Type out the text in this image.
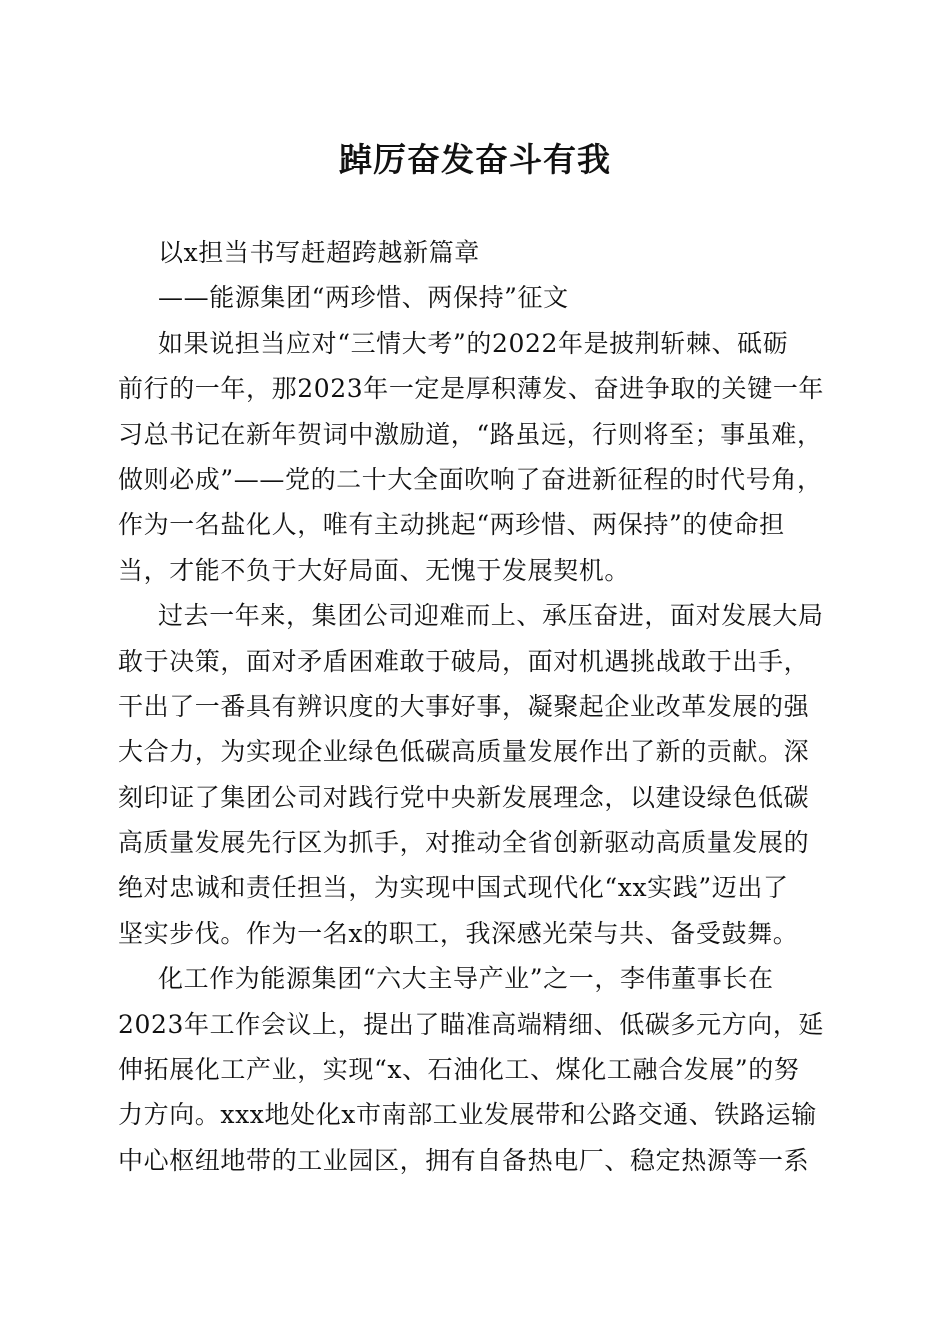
踔厉奋发奋斗有我
以x担当书写赶超跨越新篇章
——能源集团“两珍惜、两保持”征文
如果说担当应对“三情大考”的2022年是披荆斩棘、砥砺
前行的一年，那2023年一定是厚积薄发、奋进争取的关键一年
习总书记在新年贺词中激励道，“路虽远，行则将至；事虽难，
做则必成”——党的二十大全面吹响了奋进新征程的时代号角，
作为一名盐化人，唯有主动挑起“两珍惜、两保持”的使命担
当，才能不负于大好局面、无愧于发展契机。
过去一年来，集团公司迎难而上、承压奋进，面对发展大局
敢于决策，面对矛盾困难敢于破局，面对机遇挑战敢于出手，
干出了一番具有辨识度的大事好事，凝聚起企业改革发展的强
大合力，为实现企业绿色低碳高质量发展作出了新的贡献。深
刻印证了集团公司对践行党中央新发展理念，以建设绿色低碳
高质量发展先行区为抓手，对推动全省创新驱动高质量发展的
绝对忠诚和责任担当，为实现中国式现代化“xx实践”迈出了
坚实步伐。作为一名x的职工，我深感光荣与共、备受鼓舞。
化工作为能源集团“六大主导产业”之一，李伟董事长在
2023年工作会议上，提出了瞄准高端精细、低碳多元方向，延
伸拓展化工产业，实现“x、石油化工、煤化工融合发展”的努
力方向。xxx地处化x市南部工业发展带和公路交通、铁路运输
中心枢纽地带的工业园区，拥有自备热电厂、稳定热源等一系
